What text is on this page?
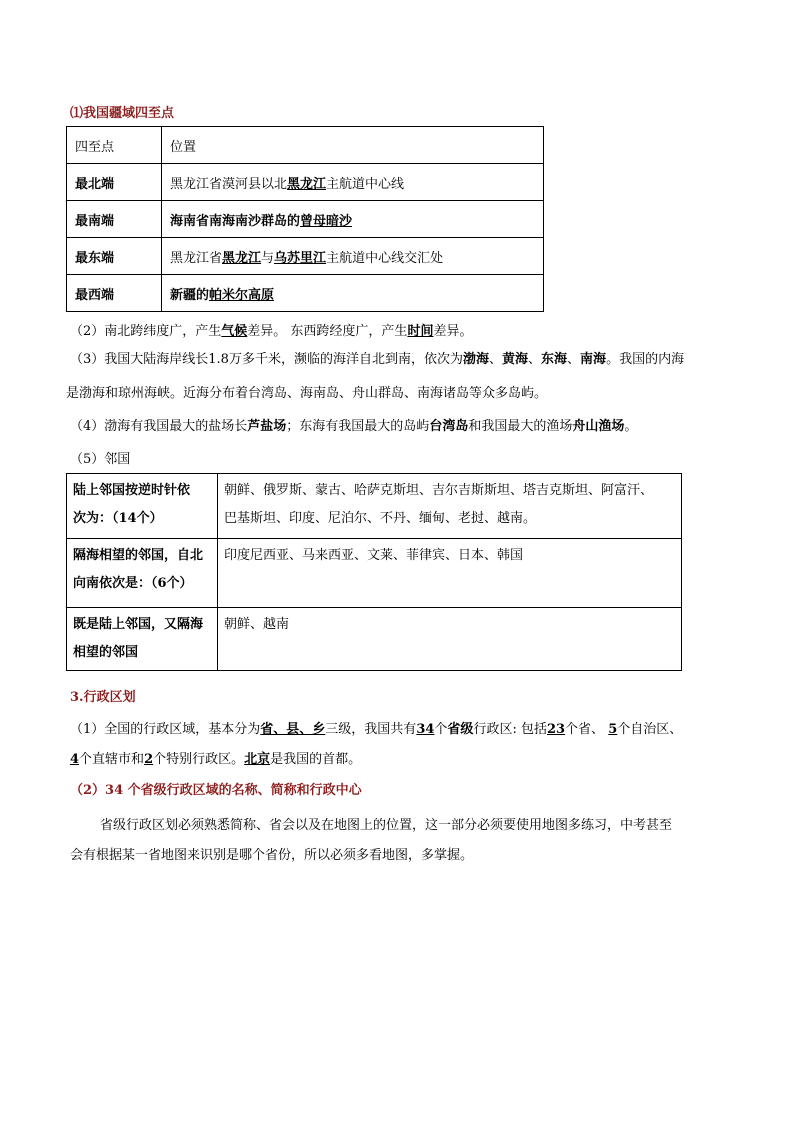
⑴我国疆域四至点
四至点	位置
最北端	黑龙江省漠河县以北黑龙江主航道中心线
最南端	海南省南海南沙群岛的曾母暗沙
最东端	黑龙江省黑龙江与乌苏里江主航道中心线交汇处
最西端	新疆的帕米尔高原
（2）南北跨纬度广，产生气候差异。 东西跨经度广，产生时间差异。
（3）我国大陆海岸线长1.8万多千米，濒临的海洋自北到南，依次为渤海、黄海、东海、南海。我国的内海
是渤海和琼州海峡。近海分布着台湾岛、海南岛、舟山群岛、南海诸岛等众多岛屿。
（4）渤海有我国最大的盐场长芦盐场；东海有我国最大的岛屿台湾岛和我国最大的渔场舟山渔场。
（5）邻国
陆上邻国按逆时针依
次为：（14个）	朝鲜、俄罗斯、蒙古、哈萨克斯坦、吉尔吉斯斯坦、塔吉克斯坦、阿富汗、
巴基斯坦、印度、尼泊尔、不丹、缅甸、老挝、越南。
隔海相望的邻国，自北
向南依次是：（6个）	印度尼西亚、马来西亚、文莱、菲律宾、日本、韩国
既是陆上邻国，又隔海
相望的邻国	朝鲜、越南
3.行政区划
（1）全国的行政区域，基本分为省、县、乡三级，我国共有34个省级行政区: 包括23个省、 5个自治区、
4个直辖市和2个特别行政区。北京是我国的首都。
（2）34 个省级行政区域的名称、简称和行政中心
省级行政区划必须熟悉简称、省会以及在地图上的位置，这一部分必须要使用地图多练习，中考甚至
会有根据某一省地图来识别是哪个省份，所以必须多看地图，多掌握。
